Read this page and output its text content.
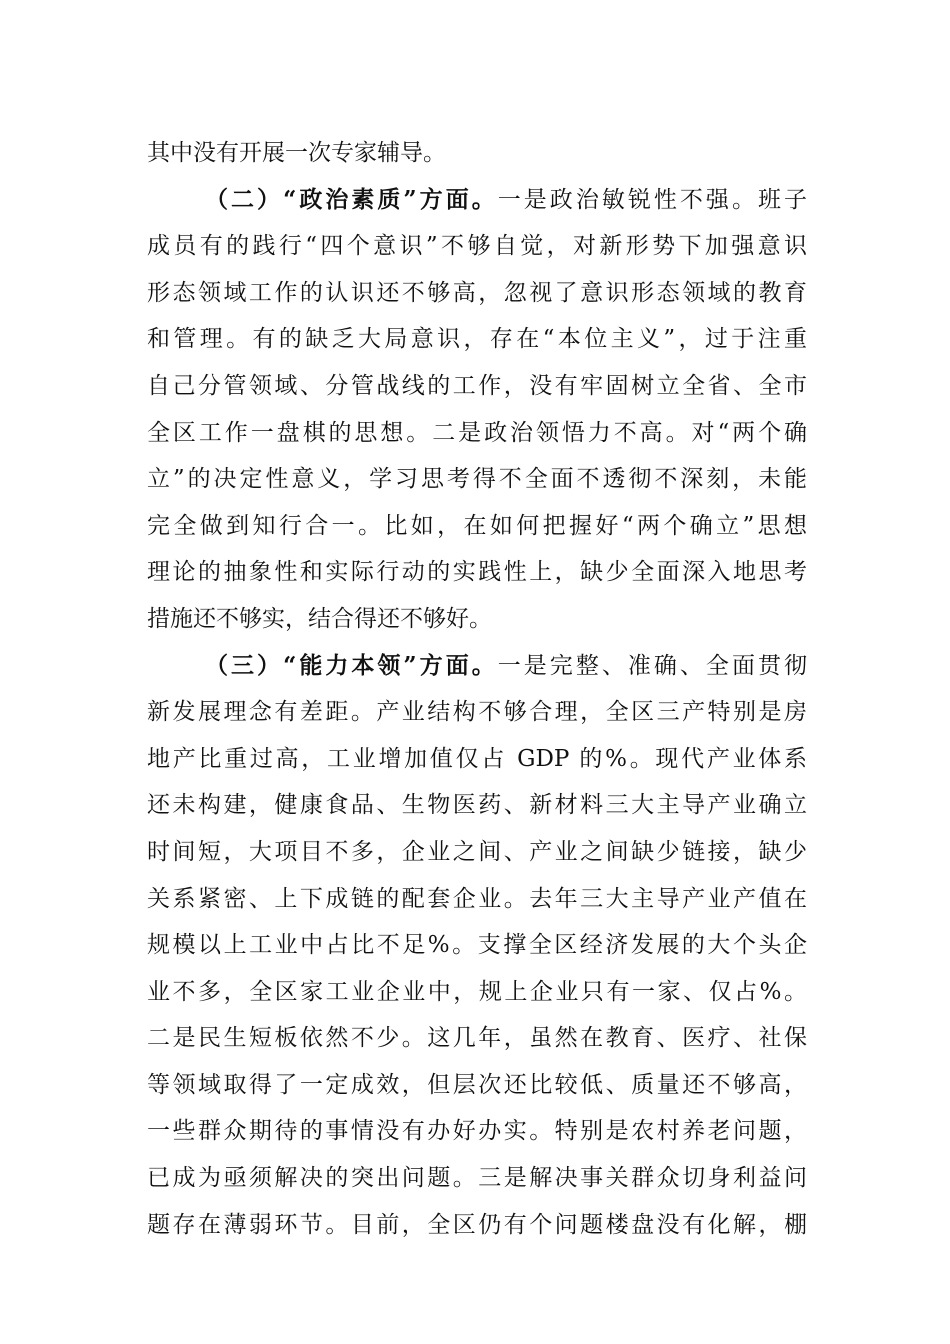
其中没有开展一次专家辅导。
（二）“政治素质”方面。一是政治敏锐性不强。班子
成员有的践行“四个意识”不够自觉，对新形势下加强意识
形态领域工作的认识还不够高，忽视了意识形态领域的教育
和管理。有的缺乏大局意识，存在“本位主义”，过于注重
自己分管领域、分管战线的工作，没有牢固树立全省、全市
全区工作一盘棋的思想。二是政治领悟力不高。对“两个确
立”的决定性意义，学习思考得不全面不透彻不深刻，未能
完全做到知行合一。比如，在如何把握好“两个确立”思想
理论的抽象性和实际行动的实践性上，缺少全面深入地思考
措施还不够实，结合得还不够好。
（三）“能力本领”方面。一是完整、准确、全面贯彻
新发展理念有差距。产业结构不够合理，全区三产特别是房
地产比重过高，工业增加值仅占 GDP 的%。现代产业体系
还未构建，健康食品、生物医药、新材料三大主导产业确立
时间短，大项目不多，企业之间、产业之间缺少链接，缺少
关系紧密、上下成链的配套企业。去年三大主导产业产值在
规模以上工业中占比不足%。支撑全区经济发展的大个头企
业不多，全区家工业企业中，规上企业只有一家、仅占%。
二是民生短板依然不少。这几年，虽然在教育、医疗、社保
等领域取得了一定成效，但层次还比较低、质量还不够高，
一些群众期待的事情没有办好办实。特别是农村养老问题，
已成为亟须解决的突出问题。三是解决事关群众切身利益问
题存在薄弱环节。目前，全区仍有个问题楼盘没有化解，棚
